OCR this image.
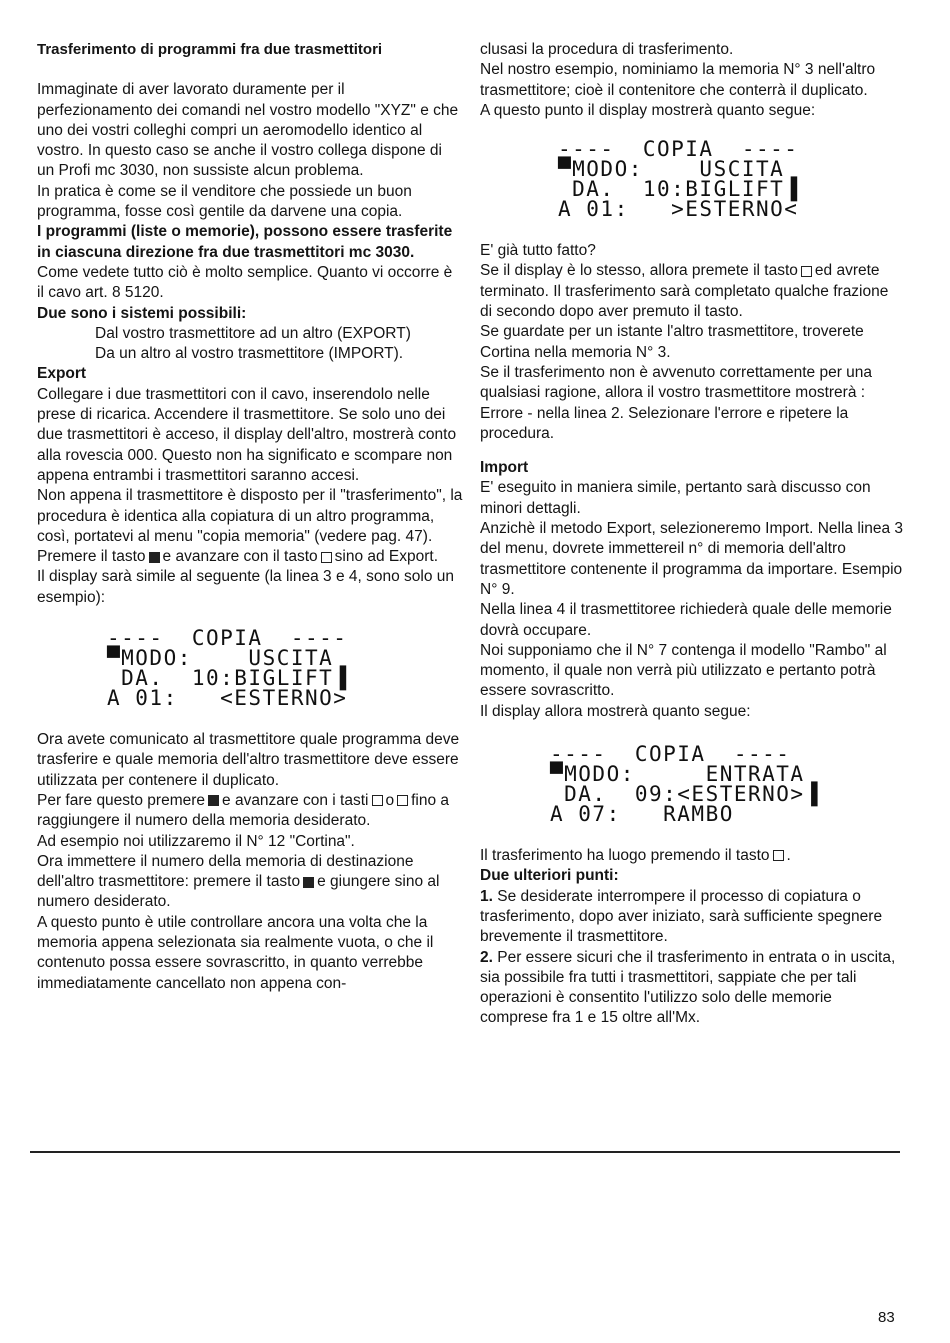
Trasferimento di programmi fra due trasmettitori

Immaginate di aver lavorato duramente per il perfezionamento dei comandi nel vostro modello "XYZ" e che uno dei vostri colleghi compri un aeromodello identico al vostro. In questo caso se anche il vostro collega dispone di un Profi mc 3030, non sussiste alcun problema.

In pratica è come se il venditore che possiede un buon programma, fosse così gentile da darvene una copia.

I programmi (liste o memorie), possono essere trasferite in ciascuna direzione fra due trasmettitori mc 3030.

Come vedete tutto ciò è molto semplice. Quanto vi occorre è il cavo art. 8 5120.

Due sono i sistemi possibili:

Dal vostro trasmettitore ad un altro (EXPORT)

Da un altro al vostro trasmettitore (IMPORT).

Export

Collegare i due trasmettitori con il cavo, inserendolo nelle prese di ricarica. Accendere il trasmettitore. Se solo uno dei due trasmettitori è acceso, il display dell'altro, mostrerà conto alla rovescia 000. Questo non ha significato e scompare non appena entrambi i trasmettitori saranno accesi.

Non appena il trasmettitore è disposto per il "trasferimento", la procedura è identica alla copiatura di un altro programma, così, portatevi al menu "copia memoria" (vedere pag. 47). Premere il tasto e avanzare con il tasto sino ad Export.

Il display sarà simile al seguente (la linea 3 e 4, sono solo un esempio):

----  COPIA  ----
▀MODO:    USCITA
DA.  10:BIGLIFT▐
A 01:   <ESTERNO>

Ora avete comunicato al trasmettitore quale programma deve trasferire e quale memoria dell'altro trasmettitore deve essere utilizzata per contenere il duplicato.

Per fare questo premere e avanzare con i tasti o fino a raggiungere il numero della memoria desiderato.

Ad esempio noi utilizzaremo il N° 12 "Cortina".

Ora immettere il numero della memoria di destinazione dell'altro trasmettitore: premere il tasto e giungere sino al numero desiderato.

A questo punto è utile controllare ancora una volta che la memoria appena selezionata sia realmente vuota, o che il contenuto possa essere sovrascritto, in quanto verrebbe immediatamente cancellato non appena con-

clusasi la procedura di trasferimento.

Nel nostro esempio, nominiamo la memoria N° 3 nell'altro trasmettitore; cioè il contenitore che conterrà il duplicato.

A questo punto il display mostrerà quanto segue:

----  COPIA  ----
▀MODO:    USCITA
DA.  10:BIGLIFT▐
A 01:   >ESTERNO<

E' già tutto fatto?

Se il display è lo stesso, allora premete il tasto ed avrete terminato. Il trasferimento sarà completato qualche frazione di secondo dopo aver premuto il tasto.

Se guardate per un istante l'altro trasmettitore, troverete Cortina nella memoria N° 3.

Se il trasferimento non è avvenuto correttamente per una qualsiasi ragione, allora il vostro trasmettitore mostrerà : Errore - nella linea 2. Selezionare l'errore e ripetere la procedura.

Import

E' eseguito in maniera simile, pertanto sarà discusso con minori dettagli.

Anzichè il metodo Export, selezioneremo Import. Nella linea 3 del menu, dovrete immettereil n° di memoria dell'altro trasmettitore contenente il programma da importare. Esempio N° 9.

Nella linea 4 il trasmettitoree richiederà quale delle memorie dovrà occupare.

Noi supponiamo che il N° 7 contenga il modello "Rambo" al momento, il quale non verrà più utilizzato e pertanto potrà essere sovrascritto.

Il display allora mostrerà quanto segue:

----  COPIA  ----
▀MODO:     ENTRATA
DA.  09:<ESTERNO>▐
A 07:   RAMBO

Il trasferimento ha luogo premendo il tasto .

Due ulteriori punti:

1. Se desiderate interrompere il processo di copiatura o trasferimento, dopo aver iniziato, sarà sufficiente spegnere brevemente il trasmettitore.

2. Per essere sicuri che il trasferimento in entrata o in uscita, sia possibile fra tutti i trasmettitori, sappiate che per tali operazioni è consentito l'utilizzo solo delle memorie comprese fra 1 e 15 oltre all'Mx.

83
